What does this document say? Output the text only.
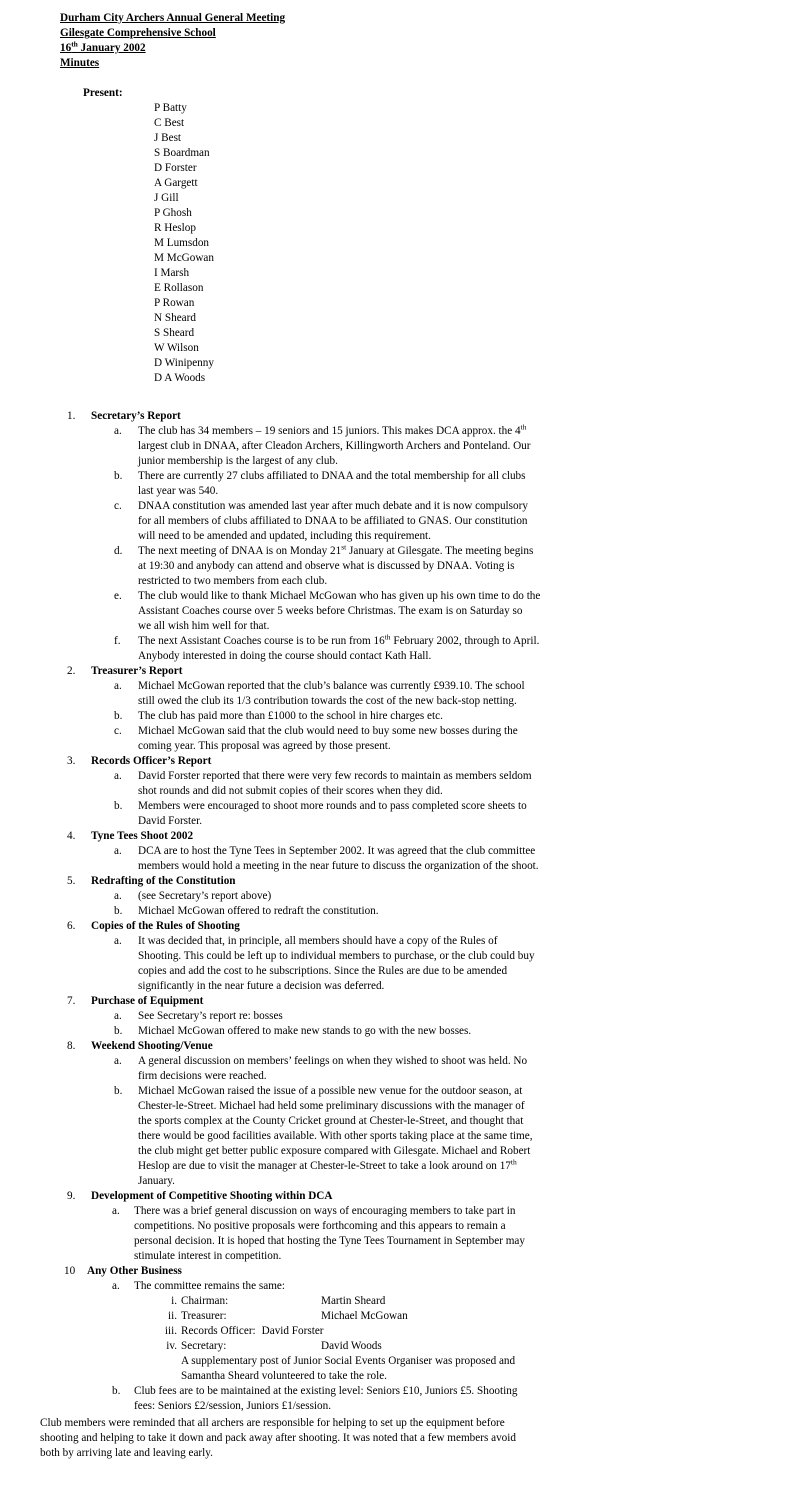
Durham City Archers Annual General Meeting
Gilesgate Comprehensive School
16th January 2002
Minutes
Present:
P Batty
C Best
J Best
S Boardman
D Forster
A Gargett
J Gill
P Ghosh
R Heslop
M Lumsdon
M McGowan
I Marsh
E Rollason
P Rowan
N Sheard
S Sheard
W Wilson
D Winipenny
D A Woods
1. Secretary’s Report
a. The club has 34 members – 19 seniors and 15 juniors. This makes DCA approx. the 4th
largest club in DNAA, after Cleadon Archers, Killingworth Archers and Ponteland. Our
junior membership is the largest of any club.
b. There are currently 27 clubs affiliated to DNAA and the total membership for all clubs
last year was 540.
c. DNAA constitution was amended last year after much debate and it is now compulsory
for all members of clubs affiliated to DNAA to be affiliated to GNAS. Our constitution
will need to be amended and updated, including this requirement.
d. The next meeting of DNAA is on Monday 21st January at Gilesgate. The meeting begins
at 19:30 and anybody can attend and observe what is discussed by DNAA. Voting is
restricted to two members from each club.
e. The club would like to thank Michael McGowan who has given up his own time to do the
Assistant Coaches course over 5 weeks before Christmas. The exam is on Saturday so
we all wish him well for that.
f. The next Assistant Coaches course is to be run from 16th February 2002, through to April.
Anybody interested in doing the course should contact Kath Hall.
2. Treasurer’s Report
a. Michael McGowan reported that the club’s balance was currently £939.10. The school
still owed the club its 1/3 contribution towards the cost of the new back-stop netting.
b. The club has paid more than £1000 to the school in hire charges etc.
c. Michael McGowan said that the club would need to buy some new bosses during the
coming year. This proposal was agreed by those present.
3. Records Officer’s Report
a. David Forster reported that there were very few records to maintain as members seldom
shot rounds and did not submit copies of their scores when they did.
b. Members were encouraged to shoot more rounds and to pass completed score sheets to
David Forster.
4. Tyne Tees Shoot 2002
a. DCA are to host the Tyne Tees in September 2002. It was agreed that the club committee
members would hold a meeting in the near future to discuss the organization of the shoot.
5. Redrafting of the Constitution
a. (see Secretary’s report above)
b. Michael McGowan offered to redraft the constitution.
6. Copies of the Rules of Shooting
a. It was decided that, in principle, all members should have a copy of the Rules of
Shooting. This could be left up to individual members to purchase, or the club could buy
copies and add the cost to he subscriptions. Since the Rules are due to be amended
significantly in the near future a decision was deferred.
7. Purchase of Equipment
a. See Secretary’s report re: bosses
b. Michael McGowan offered to make new stands to go with the new bosses.
8. Weekend Shooting/Venue
a. A general discussion on members’ feelings on when they wished to shoot was held. No
firm decisions were reached.
b. Michael McGowan raised the issue of a possible new venue for the outdoor season, at
Chester-le-Street. Michael had held some preliminary discussions with the manager of
the sports complex at the County Cricket ground at Chester-le-Street, and thought that
there would be good facilities available. With other sports taking place at the same time,
the club might get better public exposure compared with Gilesgate. Michael and Robert
Heslop are due to visit the manager at Chester-le-Street to take a look around on 17th
January.
9. Development of Competitive Shooting within DCA
a. There was a brief general discussion on ways of encouraging members to take part in
competitions. No positive proposals were forthcoming and this appears to remain a
personal decision. It is hoped that hosting the Tyne Tees Tournament in September may
stimulate interest in competition.
10 Any Other Business
a. The committee remains the same:
i. Chairman:	Martin Sheard
ii. Treasurer:	Michael McGowan
iii. Records Officer: David Forster
iv. Secretary:	David Woods
A supplementary post of Junior Social Events Organiser was proposed and
Samantha Sheard volunteered to take the role.
b. Club fees are to be maintained at the existing level: Seniors £10, Juniors £5. Shooting
fees: Seniors £2/session, Juniors £1/session.
Club members were reminded that all archers are responsible for helping to set up the equipment before
shooting and helping to take it down and pack away after shooting. It was noted that a few members avoid
both by arriving late and leaving early.
